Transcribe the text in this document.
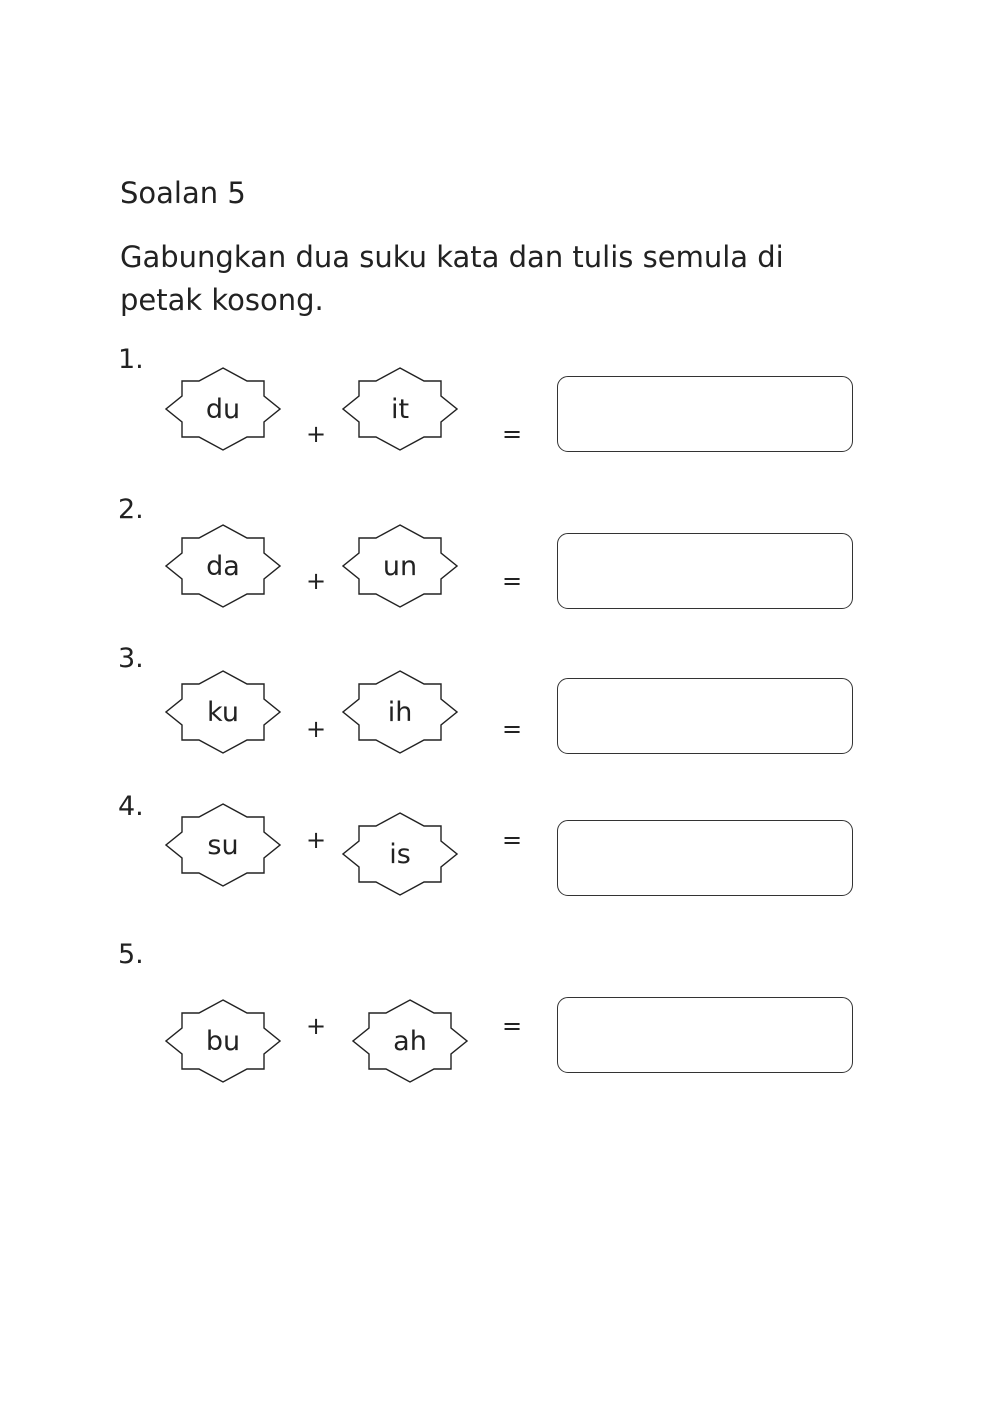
Soalan 5
Gabungkan dua suku kata dan tulis semula di petak kosong.
1.
du
+
it
=
2.
da	+	un	=
3.
ku
+
ih
=
4.
su	+	is	=
5.
bu	+	ah	=
